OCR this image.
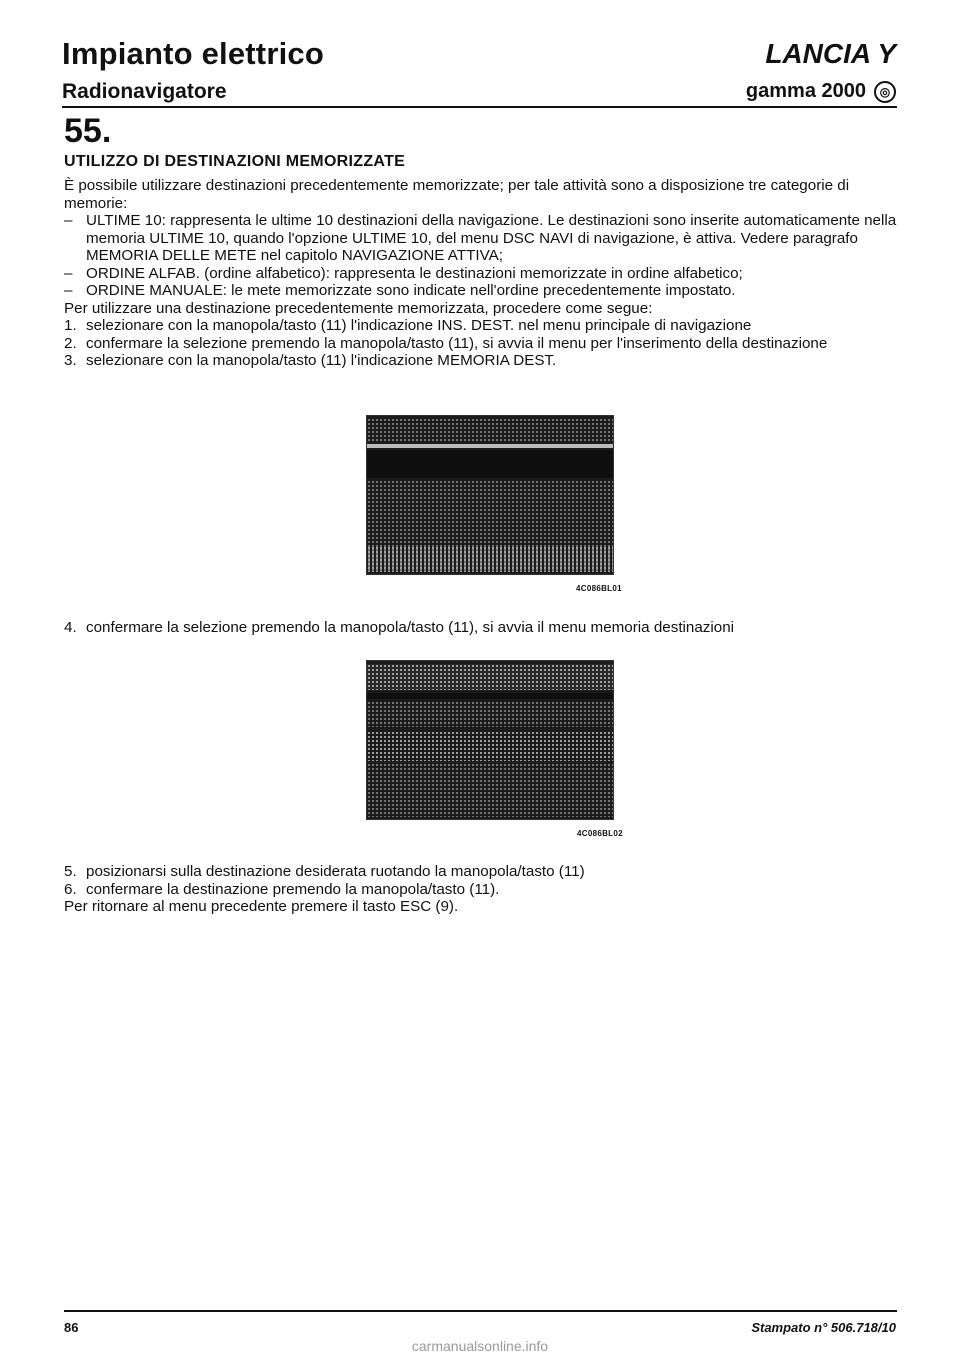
Impianto elettrico
Radionavigatore
LANCIA Y
gamma 2000	◎
55.
UTILIZZO DI DESTINAZIONI MEMORIZZATE

È possibile utilizzare destinazioni precedentemente memorizzate; per tale attività sono a disposizione tre categorie di memorie:

– ULTIME 10: rappresenta le ultime 10 destinazioni della navigazione. Le destinazioni sono inserite automaticamente nella memoria ULTIME 10, quando l'opzione ULTIME 10, del menu DSC NAVI di navigazione, è attiva. Vedere paragrafo MEMORIA DELLE METE nel capitolo NAVIGAZIONE ATTIVA;
– ORDINE ALFAB. (ordine alfabetico): rappresenta le destinazioni memorizzate in ordine alfabetico;
– ORDINE MANUALE: le mete memorizzate sono indicate nell'ordine precedentemente impostato.

Per utilizzare una destinazione precedentemente memorizzata, procedere come segue:

1. selezionare con la manopola/tasto (11) l'indicazione INS. DEST. nel menu principale di navigazione
2. confermare la selezione premendo la manopola/tasto (11), si avvia il menu per l'inserimento della destinazione
3. selezionare con la manopola/tasto (11) l'indicazione MEMORIA DEST.
4C086BL01
4. confermare la selezione premendo la manopola/tasto (11), si avvia il menu memoria destinazioni
4C086BL02
5. posizionarsi sulla destinazione desiderata ruotando la manopola/tasto (11)
6. confermare la destinazione premendo la manopola/tasto (11).

Per ritornare al menu precedente premere il tasto ESC (9).

86	Stampato n° 506.718/10
carmanualsonline.info
